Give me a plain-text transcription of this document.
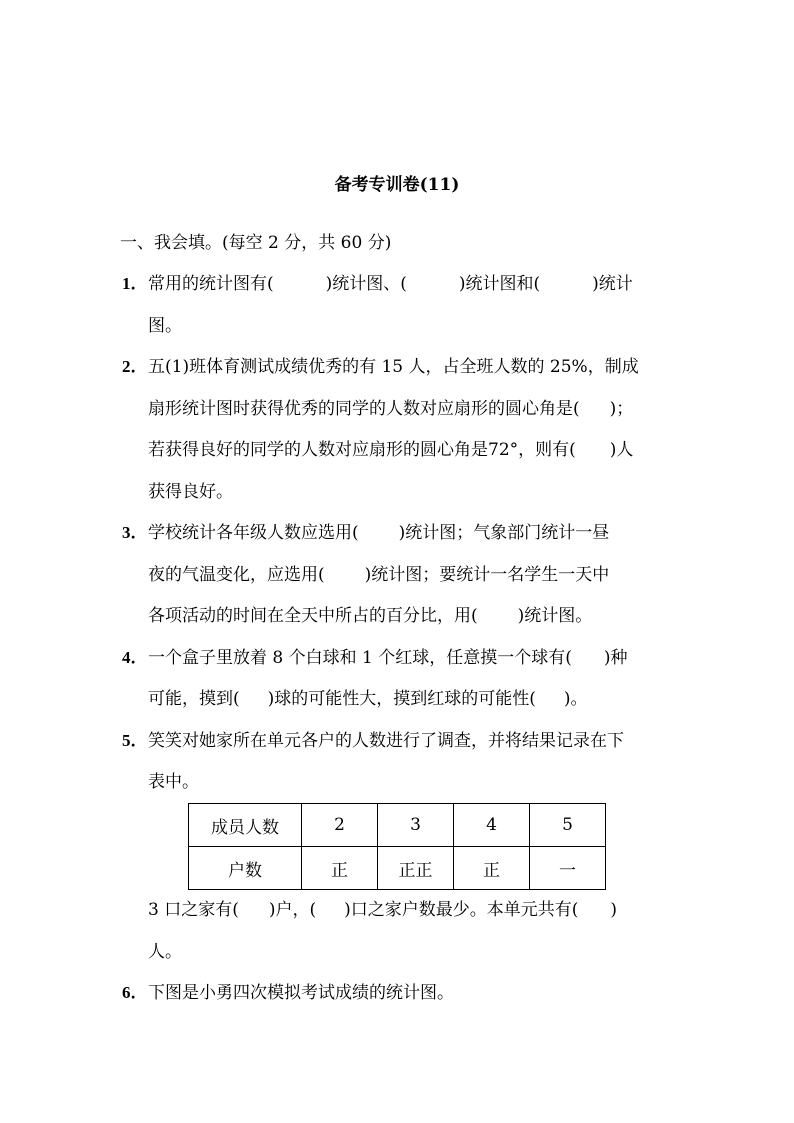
备考专训卷(11)
一、我会填。(每空 2 分，共 60 分)
1．常用的统计图有(	)统计图、(	)统计图和(	)统计
图。
2．五(1)班体育测试成绩优秀的有 15 人，占全班人数的 25%，制成
扇形统计图时获得优秀的同学的人数对应扇形的圆心角是( )；
若获得良好的同学的人数对应扇形的圆心角是72°，则有( )人
获得良好。
3．学校统计各年级人数应选用( )统计图；气象部门统计一昼
夜的气温变化，应选用( )统计图；要统计一名学生一天中
各项活动的时间在全天中所占的百分比，用( )统计图。
4．一个盒子里放着 8 个白球和 1 个红球，任意摸一个球有( )种
可能，摸到( )球的可能性大，摸到红球的可能性( )。
5．笑笑对她家所在单元各户的人数进行了调查，并将结果记录在下
表中。
成员人数	2	3	4	5
户数	正	正正	正	一
3 口之家有( )户，( )口之家户数最少。本单元共有( )
人。
6．下图是小勇四次模拟考试成绩的统计图。
